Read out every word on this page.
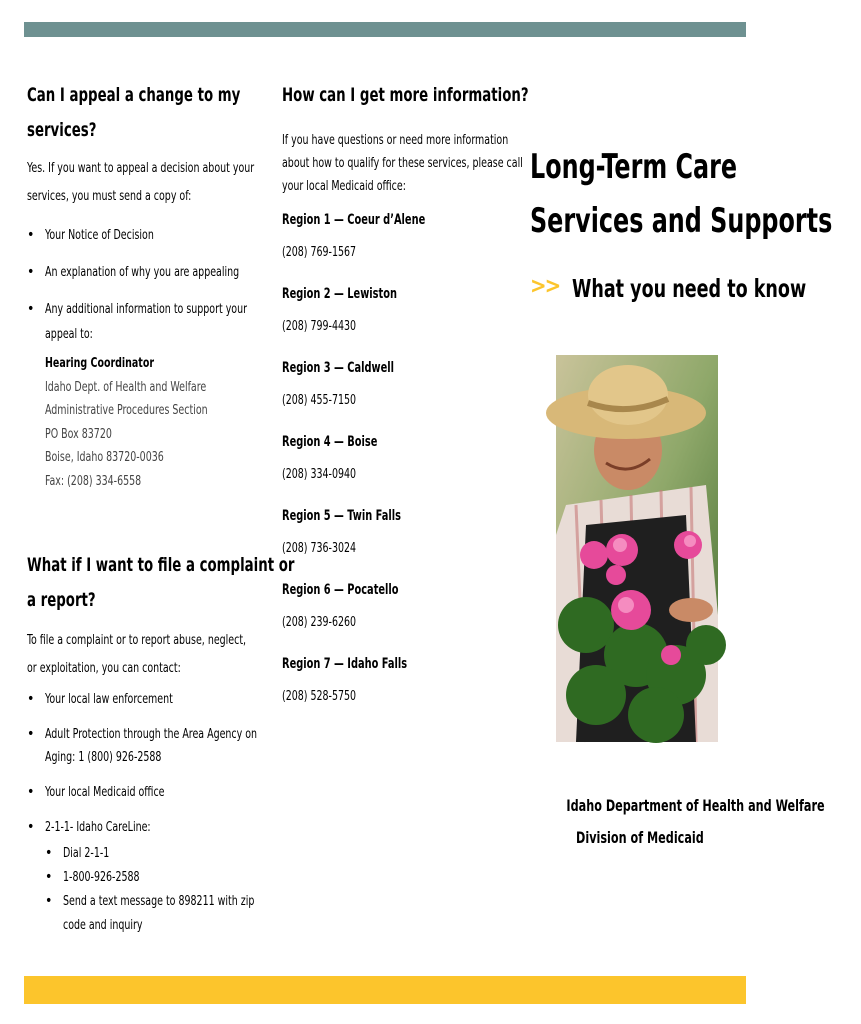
Can I appeal a change to my
services?

Yes. If you want to appeal a decision about your
services, you must send a copy of:

• Your Notice of Decision
• An explanation of why you are appealing
• Any additional information to support your
appeal to:
Hearing Coordinator
Idaho Dept. of Health and Welfare
Administrative Procedures Section
PO Box 83720
Boise, Idaho 83720-0036
Fax: (208) 334-6558
What if I want to file a complaint or
a report?

To file a complaint or to report abuse, neglect,
or exploitation, you can contact:

• Your local law enforcement
• Adult Protection through the Area Agency on
Aging: 1 (800) 926-2588
• Your local Medicaid office
• 2-1-1- Idaho CareLine:
• Dial 2-1-1
• 1-800-926-2588
• Send a text message to 898211 with zip
code and inquiry
How can I get more information?

If you have questions or need more information
about how to qualify for these services, please call
your local Medicaid office:

Region 1 — Coeur d’Alene
(208) 769-1567
Region 2 — Lewiston
(208) 799-4430
Region 3 — Caldwell
(208) 455-7150
Region 4 — Boise
(208) 334-0940
Region 5 — Twin Falls
(208) 736-3024
Region 6 — Pocatello
(208) 239-6260
Region 7 — Idaho Falls
(208) 528-5750
Long-Term Care
Services and Supports
>> What you need to know
Idaho Department of Health and Welfare
Division of Medicaid
